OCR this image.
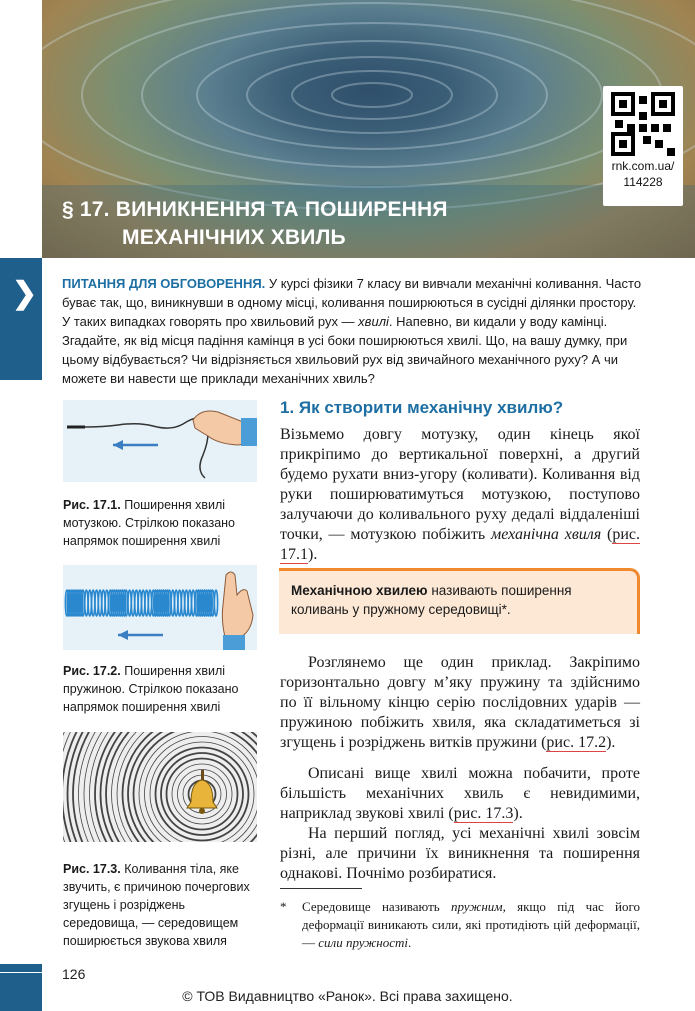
rnk.com.ua/ 114228
§ 17. ВИНИКНЕННЯ ТА ПОШИРЕННЯ
МЕХАНІЧНИХ ХВИЛЬ
❯ ПИТАННЯ ДЛЯ ОБГОВОРЕННЯ. У курсі фізики 7 класу ви вивчали механічні коливання. Часто буває так, що, виникнувши в одному місці, коливання поширюються в сусідні ділянки простору. У таких випадках говорять про хвильовий рух — хвилі. Напевно, ви кидали у воду камінці. Згадайте, як від місця падіння камінця в усі боки поширюються хвилі. Що, на вашу думку, при цьому відбувається? Чи відрізняється хвильовий рух від звичайного механічного руху? А чи можете ви навести ще приклади механічних хвиль?
Рис. 17.1. Поширення хвилі мотузкою. Стрілкою показано напрямок поширення хвилі
Рис. 17.2. Поширення хвилі пружиною. Стрілкою показано напрямок поширення хвилі
Рис. 17.3. Коливання тіла, яке звучить, є причиною почергових згущень і розріджень середовища, — середовищем поширюється звукова хвиля
1. Як створити механічну хвилю?
Візьмемо довгу мотузку, один кінець якої прикріпимо до вертикальної поверхні, а другий будемо рухати вниз-угору (коливати). Коливання від руки поширюватимуться мотузкою, поступово залучаючи до коливального руху дедалі віддаленіші точки, — мотузкою побіжить механічна хвиля (рис. 17.1).
Механічною хвилею називають поширення коливань у пружному середовищі*.
Розглянемо ще один приклад. Закріпимо горизонтально довгу м’яку пружину та здійснимо по її вільному кінцю серію послідовних ударів — пружиною побіжить хвиля, яка складатиметься зі згущень і розріджень витків пружини (рис. 17.2).
Описані вище хвилі можна побачити, проте більшість механічних хвиль є невидимими, наприклад звукові хвилі (рис. 17.3).
На перший погляд, усі механічні хвилі зовсім різні, але причини їх виникнення та поширення однакові. Почнімо розбиратися.
*	Середовище називають пружним, якщо під час його деформації виникають сили, які протидіють цій деформації, — сили пружності.
126
© ТОВ Видавництво «Ранок». Всі права захищено.
